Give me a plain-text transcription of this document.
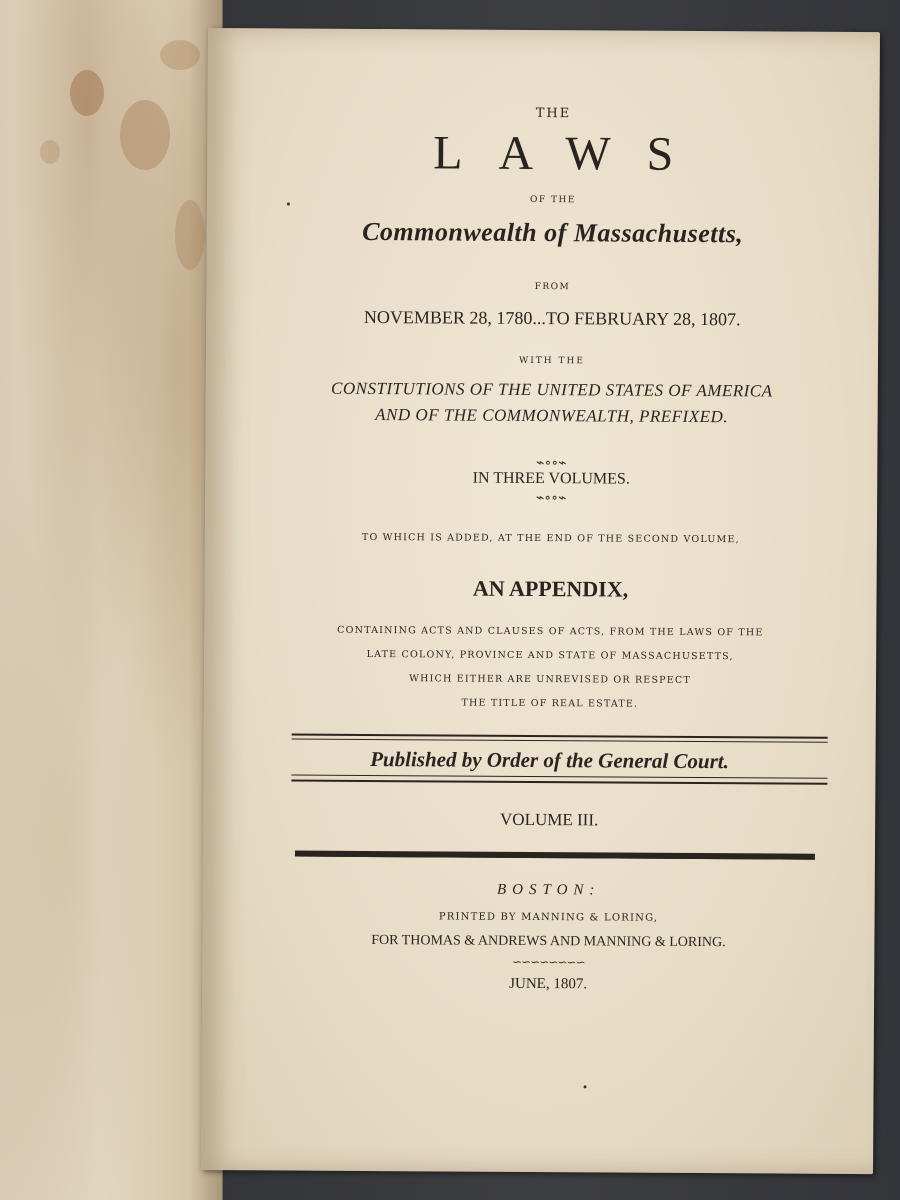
THE
LAWS
OF THE
Commonwealth of Massachusetts,
FROM
NOVEMBER 28, 1780...TO FEBRUARY 28, 1807.
WITH THE
CONSTITUTIONS OF THE UNITED STATES OF AMERICA
AND OF THE COMMONWEALTH, PREFIXED.
⌁∘∘⌁
IN THREE VOLUMES.
⌁∘∘⌁
TO WHICH IS ADDED, AT THE END OF THE SECOND VOLUME,
AN APPENDIX,
CONTAINING ACTS AND CLAUSES OF ACTS, FROM THE LAWS OF THE
LATE COLONY, PROVINCE AND STATE OF MASSACHUSETTS,
WHICH EITHER ARE UNREVISED OR RESPECT
THE TITLE OF REAL ESTATE.
Published by Order of the General Court.
VOLUME III.
BOSTON:
PRINTED BY MANNING & LORING,
FOR THOMAS & ANDREWS AND MANNING & LORING.
∽∽∽∽∽∽∽∽
JUNE, 1807.
